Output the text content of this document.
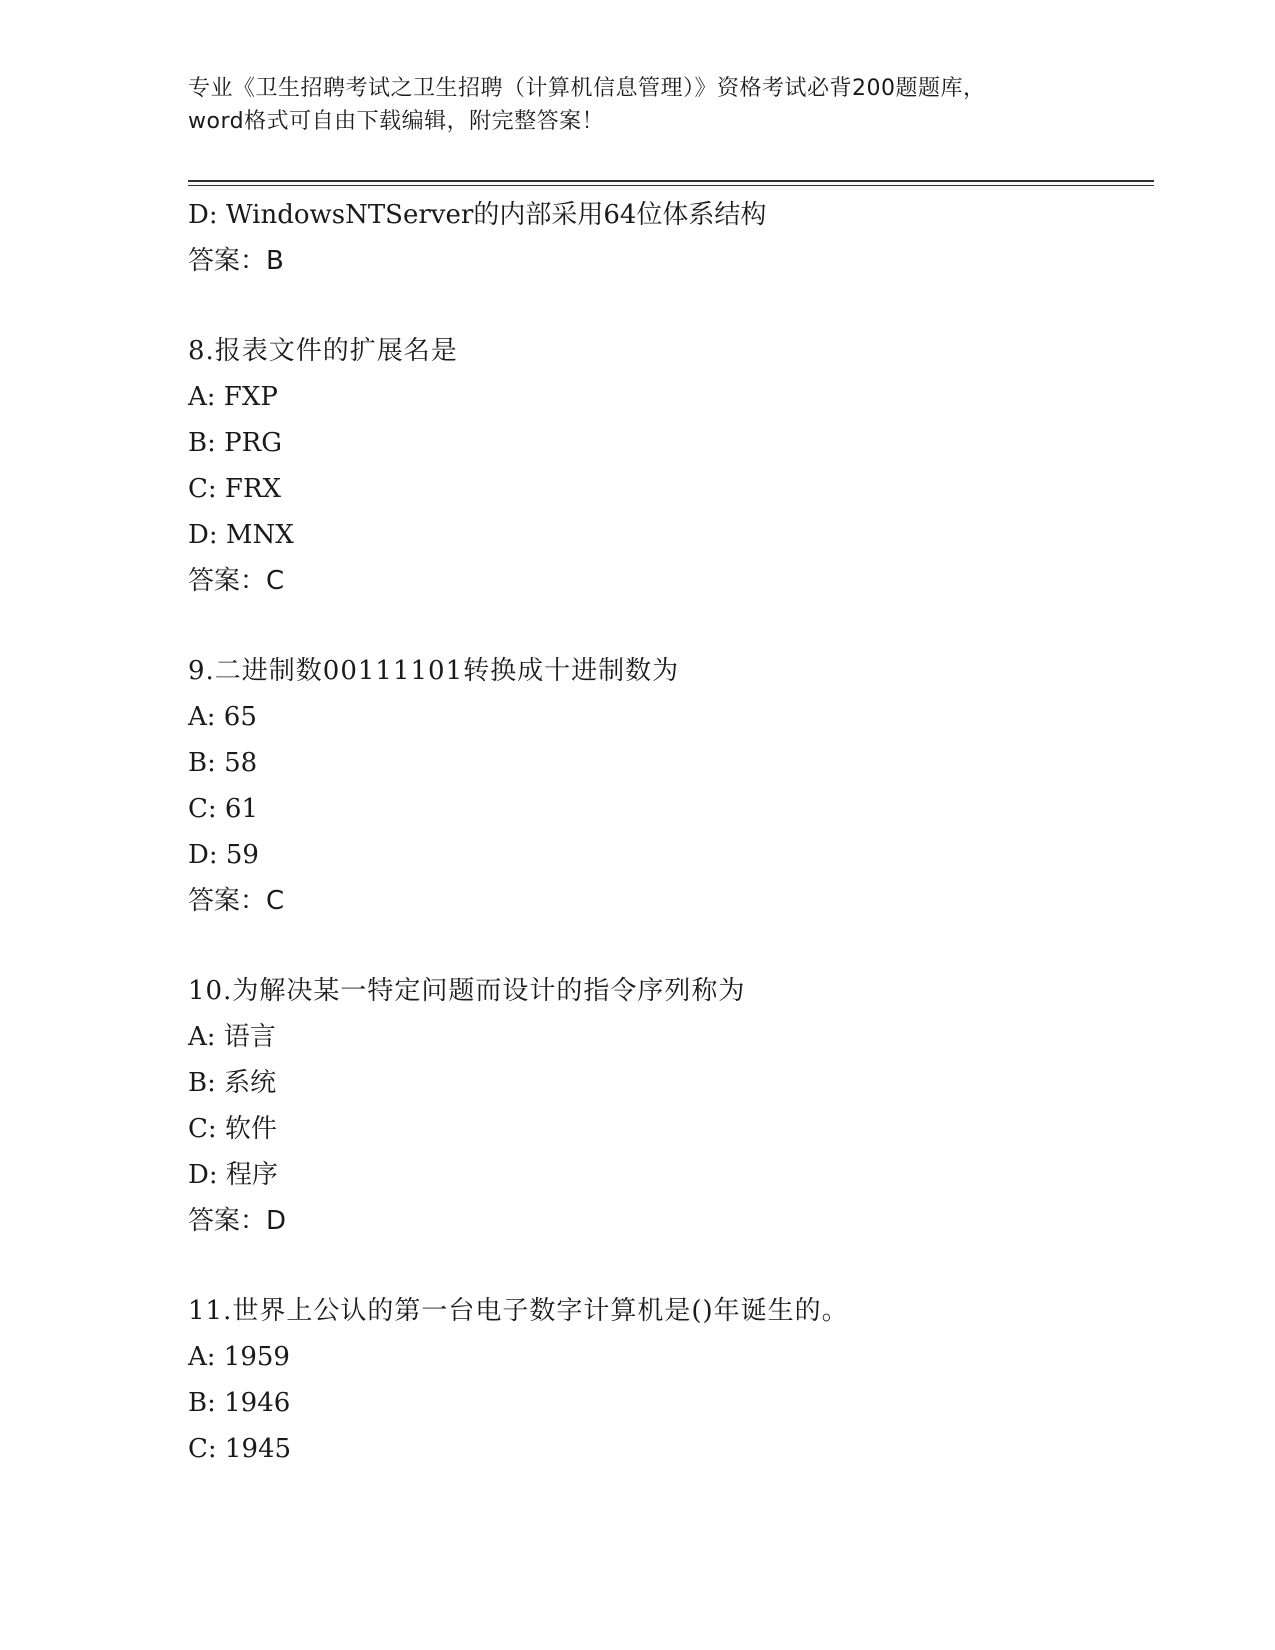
专业《卫生招聘考试之卫生招聘（计算机信息管理）》资格考试必背200题题库，
word格式可自由下载编辑，附完整答案！
D: WindowsNTServer的内部采用64位体系结构
答案：B
8.报表文件的扩展名是
A: FXP
B: PRG
C: FRX
D: MNX
答案：C
9.二进制数00111101转换成十进制数为
A: 65
B: 58
C: 61
D: 59
答案：C
10.为解决某一特定问题而设计的指令序列称为
A: 语言
B: 系统
C: 软件
D: 程序
答案：D
11.世界上公认的第一台电子数字计算机是()年诞生的。
A: 1959
B: 1946
C: 1945
